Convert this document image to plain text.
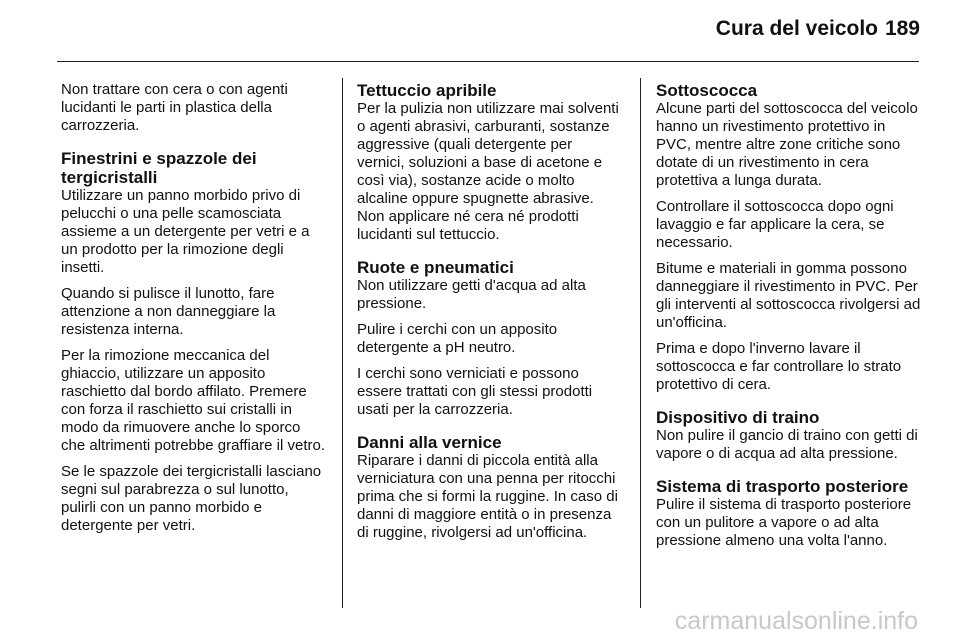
Cura del veicolo 189

Non trattare con cera o con agenti lucidanti le parti in plastica della carrozzeria.

Finestrini e spazzole dei tergicristalli

Utilizzare un panno morbido privo di pelucchi o una pelle scamosciata assieme a un detergente per vetri e a un prodotto per la rimozione degli insetti.

Quando si pulisce il lunotto, fare attenzione a non danneggiare la resistenza interna.

Per la rimozione meccanica del ghiaccio, utilizzare un apposito raschietto dal bordo affilato. Premere con forza il raschietto sui cristalli in modo da rimuovere anche lo sporco che altrimenti potrebbe graffiare il vetro.

Se le spazzole dei tergicristalli lasciano segni sul parabrezza o sul lunotto, pulirli con un panno morbido e detergente per vetri.

Tettuccio apribile

Per la pulizia non utilizzare mai solventi o agenti abrasivi, carburanti, sostanze aggressive (quali detergente per vernici, soluzioni a base di acetone e così via), sostanze acide o molto alcaline oppure spugnette abrasive. Non applicare né cera né prodotti lucidanti sul tettuccio.

Ruote e pneumatici

Non utilizzare getti d'acqua ad alta pressione.

Pulire i cerchi con un apposito detergente a pH neutro.

I cerchi sono verniciati e possono essere trattati con gli stessi prodotti usati per la carrozzeria.

Danni alla vernice

Riparare i danni di piccola entità alla verniciatura con una penna per ritocchi prima che si formi la ruggine. In caso di danni di maggiore entità o in presenza di ruggine, rivolgersi ad un'officina.

Sottoscocca

Alcune parti del sottoscocca del veicolo hanno un rivestimento protettivo in PVC, mentre altre zone critiche sono dotate di un rivestimento in cera protettiva a lunga durata.

Controllare il sottoscocca dopo ogni lavaggio e far applicare la cera, se necessario.

Bitume e materiali in gomma possono danneggiare il rivestimento in PVC. Per gli interventi al sottoscocca rivolgersi ad un'officina.

Prima e dopo l'inverno lavare il sottoscocca e far controllare lo strato protettivo di cera.

Dispositivo di traino

Non pulire il gancio di traino con getti di vapore o di acqua ad alta pressione.

Sistema di trasporto posteriore

Pulire il sistema di trasporto posteriore con un pulitore a vapore o ad alta pressione almeno una volta l'anno.

carmanualsonline.info
